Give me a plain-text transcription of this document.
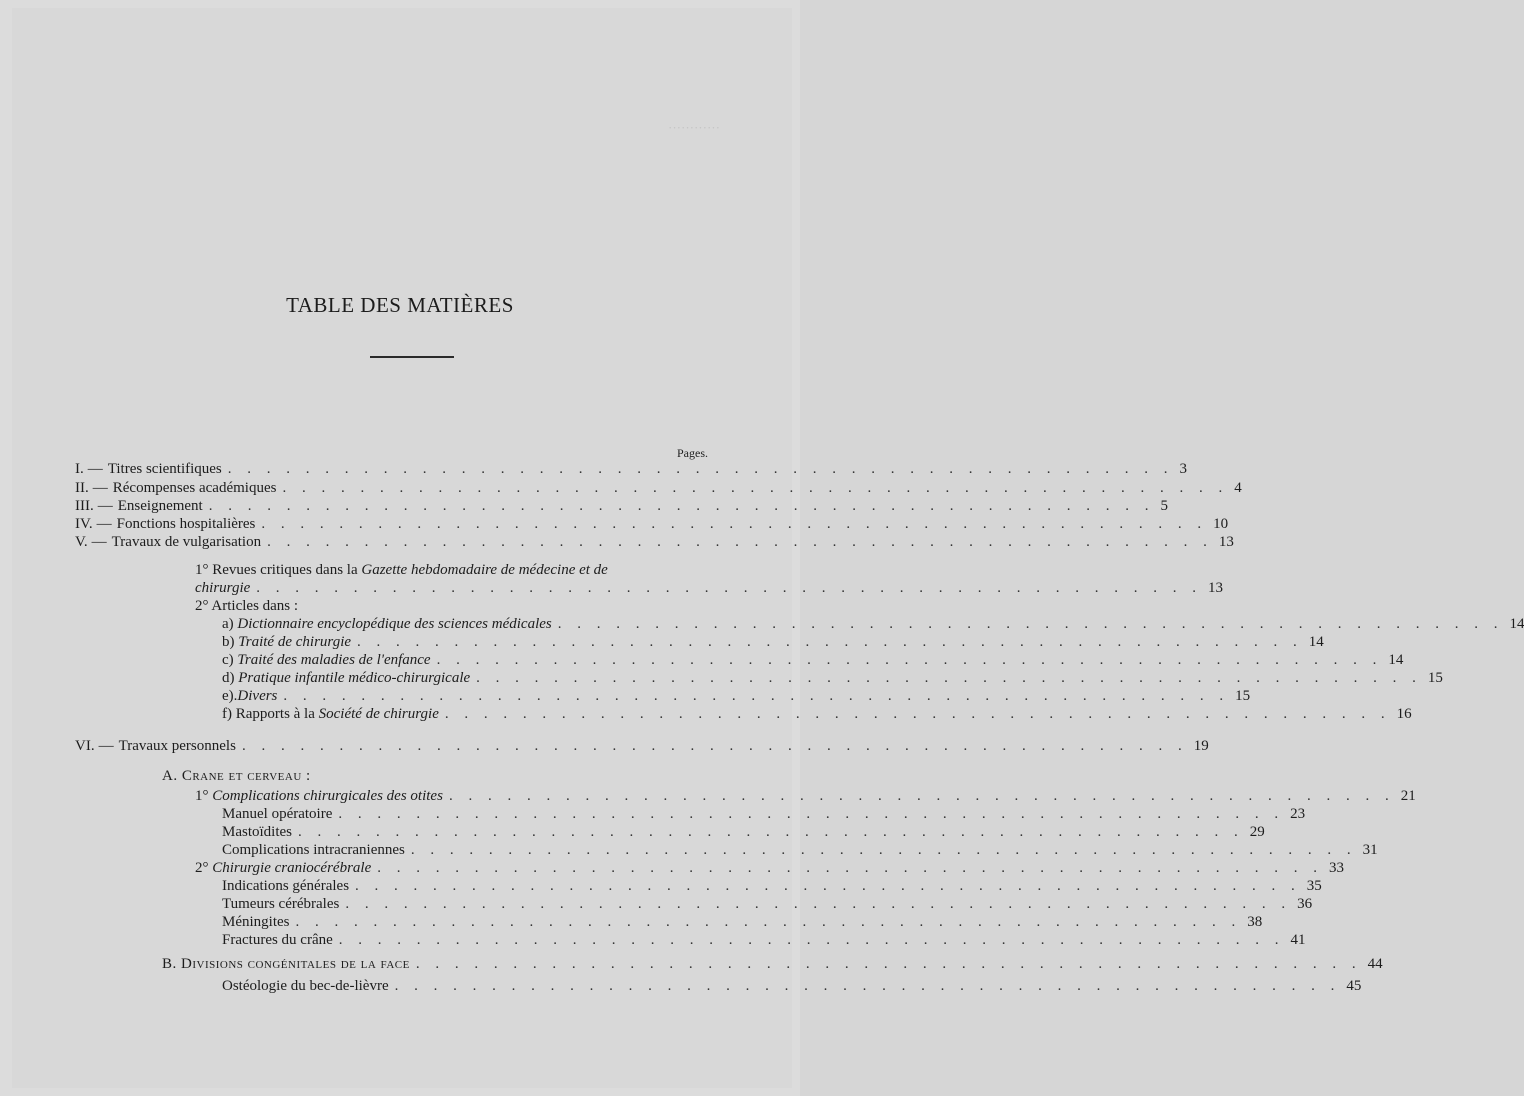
············
TABLE DES MATIÈRES
Pages.
I. — Titres scientifiques . . . . . . . . . . . . . . . . . . . . . . . . . . . . . . . . . . . . . . . . . . . . . . . . . 3
II. — Récompenses académiques . . . . . . . . . . . . . . . . . . . . . . . . . . . . . . . . . . . . . . . . . . . . . . . . . 4
III. — Enseignement . . . . . . . . . . . . . . . . . . . . . . . . . . . . . . . . . . . . . . . . . . . . . . . . . 5
IV. — Fonctions hospitalières . . . . . . . . . . . . . . . . . . . . . . . . . . . . . . . . . . . . . . . . . . . . . . . . . 10
V. — Travaux de vulgarisation . . . . . . . . . . . . . . . . . . . . . . . . . . . . . . . . . . . . . . . . . . . . . . . . . 13
1° Revues critiques dans la Gazette hebdomadaire de médecine et de
chirurgie . . . . . . . . . . . . . . . . . . . . . . . . . . . . . . . . . . . . . . . . . . . . . . . . . 13
2° Articles dans :
a) Dictionnaire encyclopédique des sciences médicales . . . . . . . . . . . . . . . . . . . . . . . . . . . . . . . . . . . . . . . . . . . . . . . . . 14
b) Traité de chirurgie . . . . . . . . . . . . . . . . . . . . . . . . . . . . . . . . . . . . . . . . . . . . . . . . . 14
c) Traité des maladies de l'enfance . . . . . . . . . . . . . . . . . . . . . . . . . . . . . . . . . . . . . . . . . . . . . . . . . 14
d) Pratique infantile médico-chirurgicale . . . . . . . . . . . . . . . . . . . . . . . . . . . . . . . . . . . . . . . . . . . . . . . . . 15
e).Divers . . . . . . . . . . . . . . . . . . . . . . . . . . . . . . . . . . . . . . . . . . . . . . . . . 15
f) Rapports à la Société de chirurgie . . . . . . . . . . . . . . . . . . . . . . . . . . . . . . . . . . . . . . . . . . . . . . . . . 16
VI. — Travaux personnels . . . . . . . . . . . . . . . . . . . . . . . . . . . . . . . . . . . . . . . . . . . . . . . . . 19
A. Crane et cerveau :
1° Complications chirurgicales des otites . . . . . . . . . . . . . . . . . . . . . . . . . . . . . . . . . . . . . . . . . . . . . . . . . 21
Manuel opératoire . . . . . . . . . . . . . . . . . . . . . . . . . . . . . . . . . . . . . . . . . . . . . . . . . 23
Mastoïdites . . . . . . . . . . . . . . . . . . . . . . . . . . . . . . . . . . . . . . . . . . . . . . . . . 29
Complications intracraniennes . . . . . . . . . . . . . . . . . . . . . . . . . . . . . . . . . . . . . . . . . . . . . . . . . 31
2° Chirurgie craniocérébrale . . . . . . . . . . . . . . . . . . . . . . . . . . . . . . . . . . . . . . . . . . . . . . . . . 33
Indications générales . . . . . . . . . . . . . . . . . . . . . . . . . . . . . . . . . . . . . . . . . . . . . . . . . 35
Tumeurs cérébrales . . . . . . . . . . . . . . . . . . . . . . . . . . . . . . . . . . . . . . . . . . . . . . . . . 36
Méningites . . . . . . . . . . . . . . . . . . . . . . . . . . . . . . . . . . . . . . . . . . . . . . . . . 38
Fractures du crâne . . . . . . . . . . . . . . . . . . . . . . . . . . . . . . . . . . . . . . . . . . . . . . . . . 41
B. Divisions congénitales de la face . . . . . . . . . . . . . . . . . . . . . . . . . . . . . . . . . . . . . . . . . . . . . . . . . 44
Ostéologie du bec-de-lièvre . . . . . . . . . . . . . . . . . . . . . . . . . . . . . . . . . . . . . . . . . . . . . . . . . 45
